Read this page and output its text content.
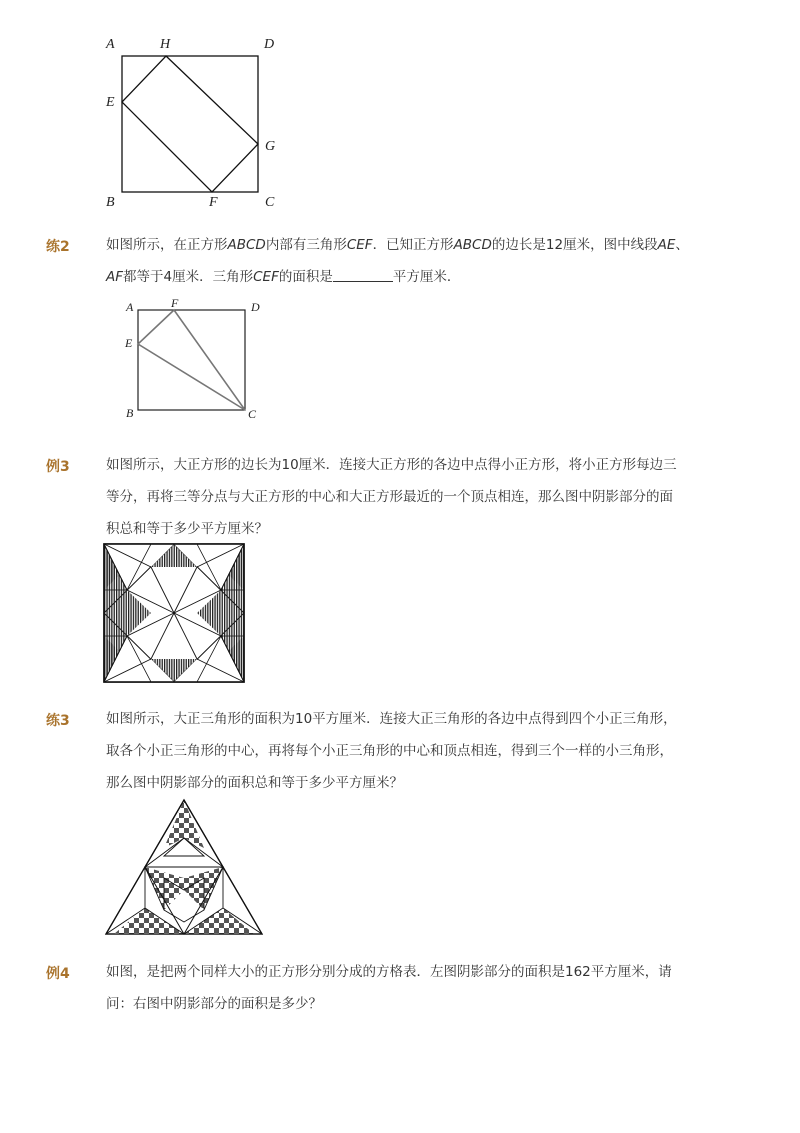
A	H	D
E
G
B	F	C
练2	如图所示，在正方形ABCD内部有三角形CEF．已知正方形ABCD的边长是12厘米，图中线段AE、
AF都等于4厘米．三角形CEF的面积是	平方厘米．
A	F	D
E
B	C
例3	如图所示，大正方形的边长为10厘米．连接大正方形的各边中点得小正方形，将小正方形每边三
等分，再将三等分点与大正方形的中心和大正方形最近的一个顶点相连，那么图中阴影部分的面
积总和等于多少平方厘米？
练3	如图所示，大正三角形的面积为10平方厘米．连接大正三角形的各边中点得到四个小正三角形，
取各个小正三角形的中心，再将每个小正三角形的中心和顶点相连，得到三个一样的小三角形，
那么图中阴影部分的面积总和等于多少平方厘米？
例4	如图，是把两个同样大小的正方形分别分成的方格表．左图阴影部分的面积是162平方厘米，请
问：右图中阴影部分的面积是多少？
